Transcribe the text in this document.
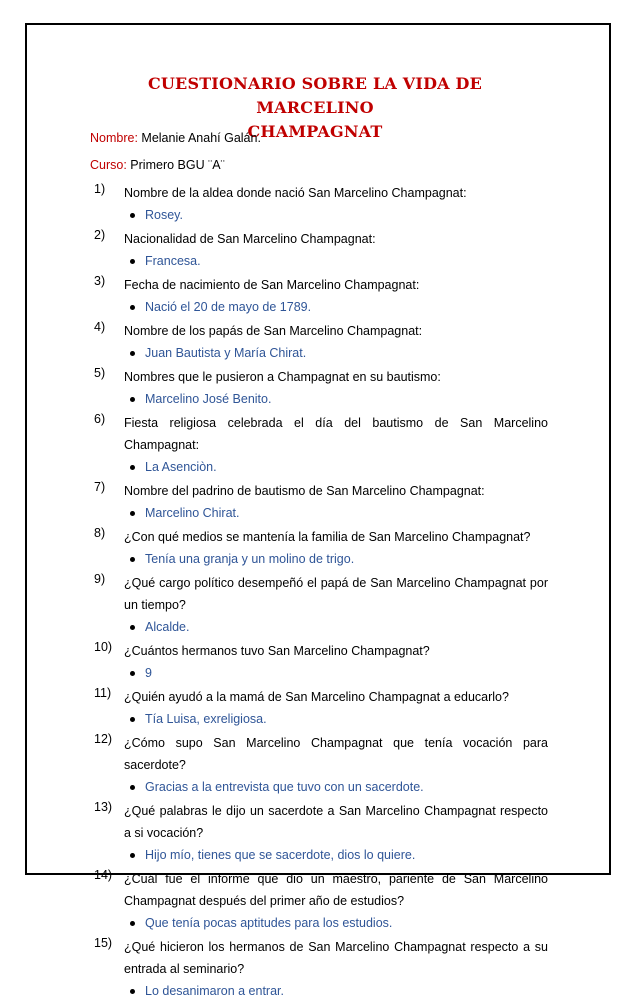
CUESTIONARIO SOBRE LA VIDA DE MARCELINO
CHAMPAGNAT

Nombre: Melanie Anahí Galán.

Curso: Primero BGU ¨A¨

1) Nombre de la aldea donde nació San Marcelino Champagnat:
Rosey.
2) Nacionalidad de San Marcelino Champagnat:
Francesa.
3) Fecha de nacimiento de San Marcelino Champagnat:
Nació el 20 de mayo de 1789.
4) Nombre de los papás de San Marcelino Champagnat:
Juan Bautista y María Chirat.
5) Nombres que le pusieron a Champagnat en su bautismo:
Marcelino José Benito.
6) Fiesta religiosa celebrada el día del bautismo de San Marcelino Champagnat:
La Asenciòn.
7) Nombre del padrino de bautismo de San Marcelino Champagnat:
Marcelino Chirat.
8) ¿Con qué medios se mantenía la familia de San Marcelino Champagnat?
Tenía una granja y un molino de trigo.
9) ¿Qué cargo político desempeñó el papá de San Marcelino Champagnat por un tiempo?
Alcalde.
10) ¿Cuántos hermanos tuvo San Marcelino Champagnat?
9
11) ¿Quién ayudó a la mamá de San Marcelino Champagnat a educarlo?
Tía Luisa, exreligiosa.
12) ¿Cómo supo San Marcelino Champagnat que tenía vocación para sacerdote?
Gracias a la entrevista que tuvo con un sacerdote.
13) ¿Qué palabras le dijo un sacerdote a San Marcelino Champagnat respecto a si vocación?
Hijo mío, tienes que se sacerdote, dios lo quiere.
14) ¿Cuál fue el informe que dio un maestro, pariente de San Marcelino Champagnat después del primer año de estudios?
Que tenía pocas aptitudes para los estudios.
15) ¿Qué hicieron los hermanos de San Marcelino Champagnat respecto a su entrada al seminario?
Lo desanimaron a entrar.
